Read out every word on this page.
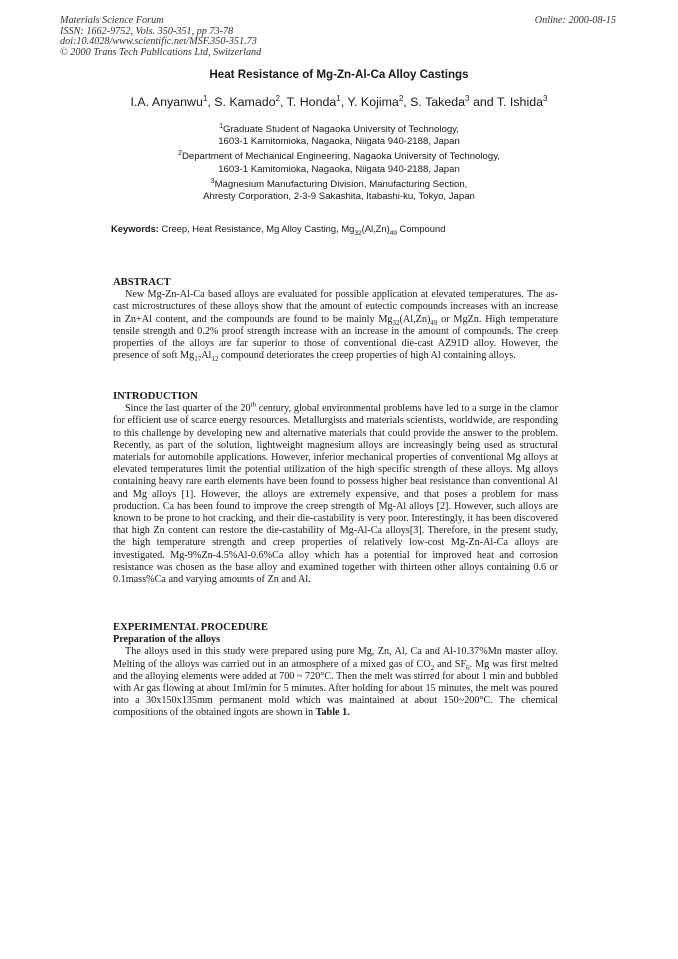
Materials Science Forum
ISSN: 1662-9752, Vols. 350-351, pp 73-78
doi:10.4028/www.scientific.net/MSF.350-351.73
© 2000 Trans Tech Publications Ltd, Switzerland
Online: 2000-08-15
Heat Resistance of Mg-Zn-Al-Ca Alloy Castings
I.A. Anyanwu$^1$, S. Kamado$^2$, T. Honda$^1$, Y. Kojima$^2$, S. Takeda$^3$ and T. Ishida$^3$
$^1$Graduate Student of Nagaoka University of Technology,
1603-1 Kamitomioka, Nagaoka, Niigata 940-2188, Japan
$^2$Department of Mechanical Engineering, Nagaoka University of Technology,
1603-1 Kamitomioka, Nagaoka, Niigata 940-2188, Japan
$^3$Magnesium Manufacturing Division, Manufacturing Section,
Ahresty Corporation, 2-3-9 Sakashita, Itabashi-ku, Tokyo, Japan
Keywords: Creep, Heat Resistance, Mg Alloy Casting, $Mg_{32}(Al,Zn)_{49}$ Compound
ABSTRACT

New Mg-Zn-Al-Ca based alloys are evaluated for possible application at elevated temperatures. The as-cast microstructures of these alloys show that the amount of eutectic compounds increases with an increase in Zn+Al content, and the compounds are found to be mainly $Mg_{32}(Al,Zn)_{49}$ or MgZn. High temperature tensile strength and 0.2% proof strength increase with an increase in the amount of compounds. The creep properties of the alloys are far superior to those of conventional die-cast AZ91D alloy. However, the presence of soft $Mg_{17}Al_{12}$ compound deteriorates the creep properties of high Al containing alloys.

INTRODUCTION

Since the last quarter of the 20th century, global environmental problems have led to a surge in the clamor for efficient use of scarce energy resources. Metallurgists and materials scientists, worldwide, are responding to this challenge by developing new and alternative materials that could provide the answer to the problem. Recently, as part of the solution, lightweight magnesium alloys are increasingly being used as structural materials for automobile applications. However, inferior mechanical properties of conventional Mg alloys at elevated temperatures limit the potential utilization of the high specific strength of these alloys. Mg alloys containing heavy rare earth elements have been found to possess higher heat resistance than conventional Al and Mg alloys [1]. However, the alloys are extremely expensive, and that poses a problem for mass production. Ca has been found to improve the creep strength of Mg-Al alloys [2]. However, such alloys are known to be prone to hot cracking, and their die-castability is very poor. Interestingly, it has been discovered that high Zn content can restore the die-castability of Mg-Al-Ca alloys[3]. Therefore, in the present study, the high temperature strength and creep properties of relatively low-cost Mg-Zn-Al-Ca alloys are investigated. Mg-9%Zn-4.5%Al-0.6%Ca alloy which has a potential for improved heat and corrosion resistance was chosen as the base alloy and examined together with thirteen other alloys containing 0.6 or 0.1mass%Ca and varying amounts of Zn and Al.

EXPERIMENTAL PROCEDURE
Preparation of the alloys

The alloys used in this study were prepared using pure Mg, Zn, Al, Ca and Al-10.37%Mn master alloy. Melting of the alloys was carried out in an atmosphere of a mixed gas of $CO_2$ and $SF_6$. Mg was first melted and the alloying elements were added at 700 ~ 720°C. Then the melt was stirred for about 1 min and bubbled with Ar gas flowing at about 1ml/min for 5 minutes. After holding for about 15 minutes, the melt was poured into a 30x150x135mm permanent mold which was maintained at about 150~200°C. The chemical compositions of the obtained ingots are shown in Table 1.
